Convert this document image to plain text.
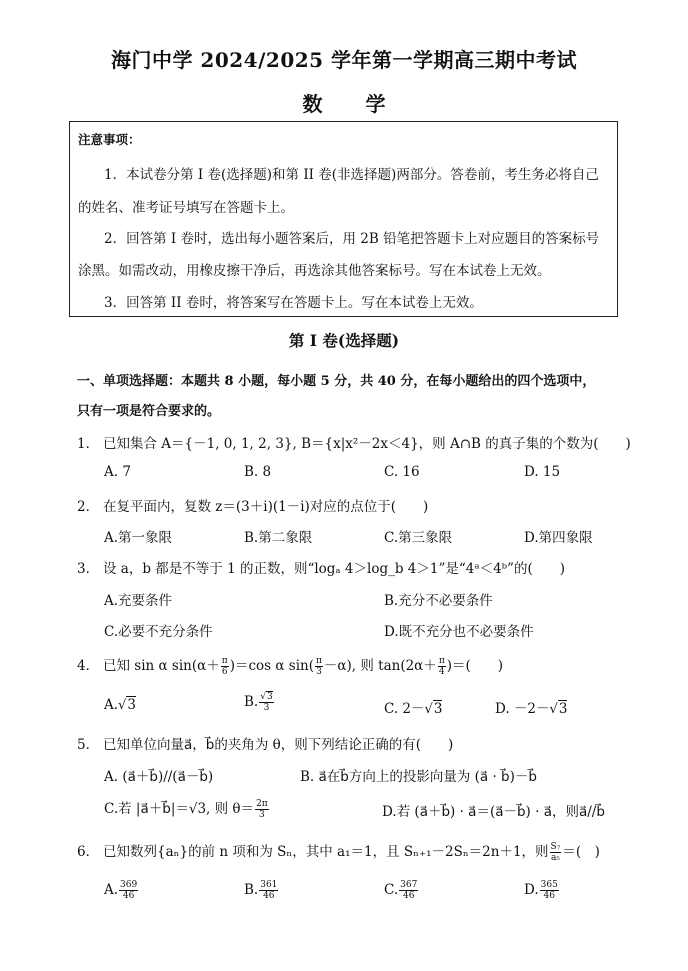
海门中学 2024/2025 学年第一学期高三期中考试
数 学
注意事项：
1．本试卷分第 I 卷(选择题)和第 II 卷(非选择题)两部分。答卷前，考生务必将自己
的姓名、准考证号填写在答题卡上。
2．回答第 I 卷时，选出每小题答案后，用 2B 铅笔把答题卡上对应题目的答案标号
涂黑。如需改动，用橡皮擦干净后，再选涂其他答案标号。写在本试卷上无效。
3．回答第 II 卷时，将答案写在答题卡上。写在本试卷上无效。
第 I 卷(选择题)
一、单项选择题：本题共 8 小题，每小题 5 分，共 40 分，在每小题给出的四个选项中，
只有一项是符合要求的。
1． 已知集合 A＝{－1, 0, 1, 2, 3}, B＝{x|x²－2x＜4}，则 A∩B 的真子集的个数为(　　)
A. 7	B. 8	C. 16	D. 15
2． 在复平面内，复数 z＝(3＋i)(1－i)对应的点位于(　　)
A.第一象限	B.第二象限	C.第三象限	D.第四象限
3． 设 a，b 都是不等于 1 的正数，则“logₐ 4＞log_b 4＞1”是“4ᵃ＜4ᵇ”的(　　)
A.充要条件	B.充分不必要条件
C.必要不充分条件	D.既不充分也不必要条件
4． 已知 sin α $\sin(\alpha+ \frac{\pi}{6} )=\cos$ α $\sin( \frac{\pi}{3} -\alpha)$, 则 $\tan(2\alpha+ \frac{\pi}{4}$ )＝(　　)
A.√3	B. $\frac{√3}{3}$	C. 2－√3	D. －2－√3
5． 已知单位向量a⃗，b⃗的夹角为 θ，则下列结论正确的有(　　)
A. (a⃗＋b⃗)//(a⃗－b⃗)	B. a⃗在b⃗方向上的投影向量为 (a⃗ · b⃗)－b⃗
C.若 |a⃗＋b⃗|＝√3, 则 $\theta= \frac{2\pi}{3}$	D.若 (a⃗＋b⃗) · a⃗＝(a⃗－b⃗) · a⃗，则a⃗//b⃗
6． 已知数列{aₙ}的前 n 项和为 Sₙ，其中 a₁＝1，且 Sₙ₊₁－2Sₙ＝2n＋1，则 $\frac{\text{S₇}}{\text{a₅}}$ ＝(　)
A. $\frac{369}{46}$	B. $\frac{361}{46}$	C. $\frac{367}{46}$	D. $\frac{365}{46}$
